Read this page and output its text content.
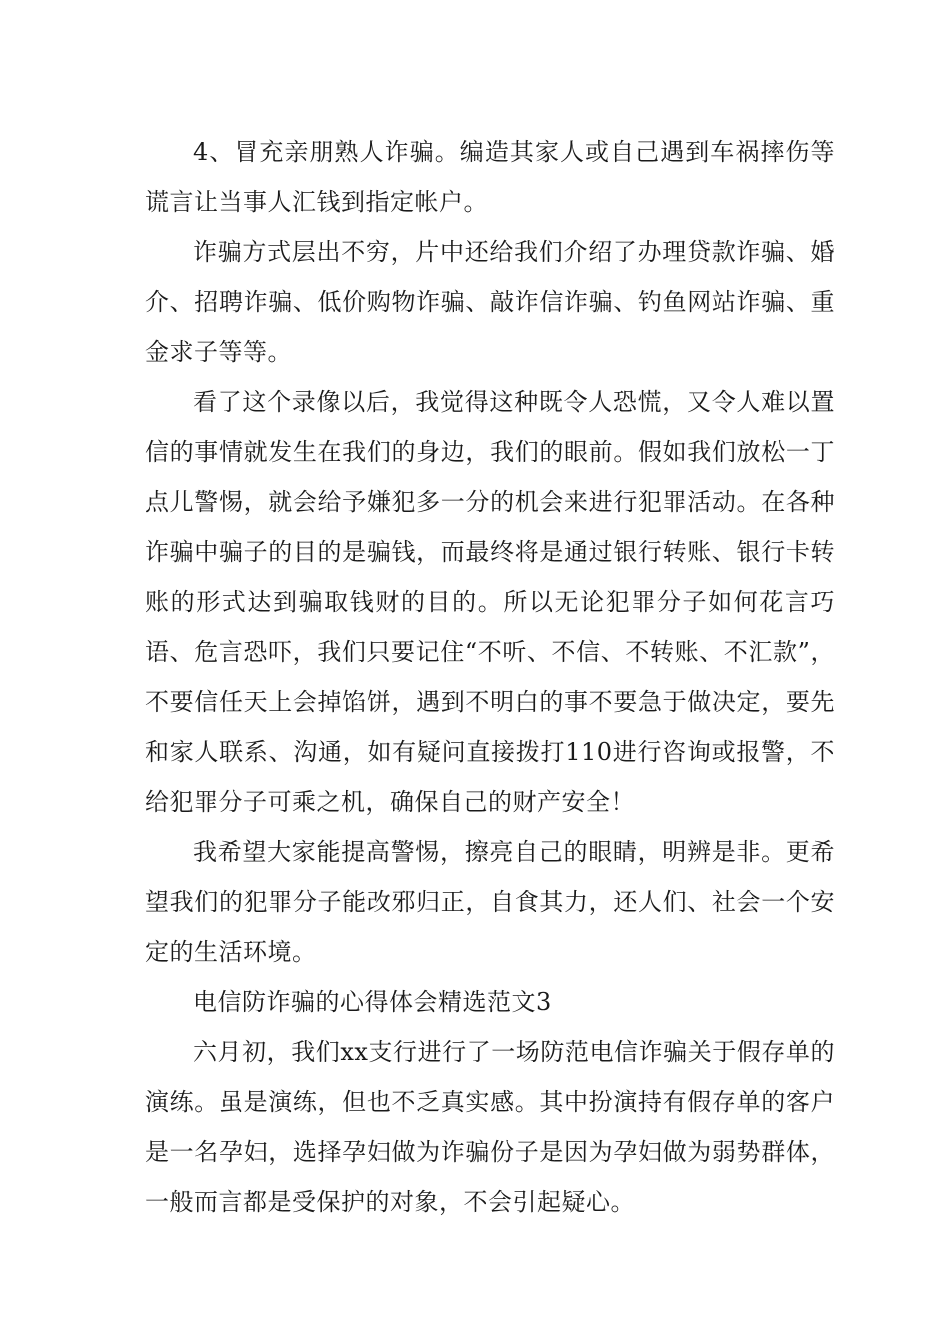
4、冒充亲朋熟人诈骗。编造其家人或自己遇到车祸摔伤等谎言让当事人汇钱到指定帐户。

诈骗方式层出不穷，片中还给我们介绍了办理贷款诈骗、婚介、招聘诈骗、低价购物诈骗、敲诈信诈骗、钓鱼网站诈骗、重金求子等等。

看了这个录像以后，我觉得这种既令人恐慌，又令人难以置信的事情就发生在我们的身边，我们的眼前。假如我们放松一丁点儿警惕，就会给予嫌犯多一分的机会来进行犯罪活动。在各种诈骗中骗子的目的是骗钱，而最终将是通过银行转账、银行卡转账的形式达到骗取钱财的目的。所以无论犯罪分子如何花言巧语、危言恐吓，我们只要记住“不听、不信、不转账、不汇款”，不要信任天上会掉馅饼，遇到不明白的事不要急于做决定，要先和家人联系、沟通，如有疑问直接拨打110进行咨询或报警，不给犯罪分子可乘之机，确保自己的财产安全！

我希望大家能提高警惕，擦亮自己的眼睛，明辨是非。更希望我们的犯罪分子能改邪归正，自食其力，还人们、社会一个安定的生活环境。

电信防诈骗的心得体会精选范文3

六月初，我们xx支行进行了一场防范电信诈骗关于假存单的演练。虽是演练，但也不乏真实感。其中扮演持有假存单的客户是一名孕妇，选择孕妇做为诈骗份子是因为孕妇做为弱势群体，一般而言都是受保护的对象，不会引起疑心。
